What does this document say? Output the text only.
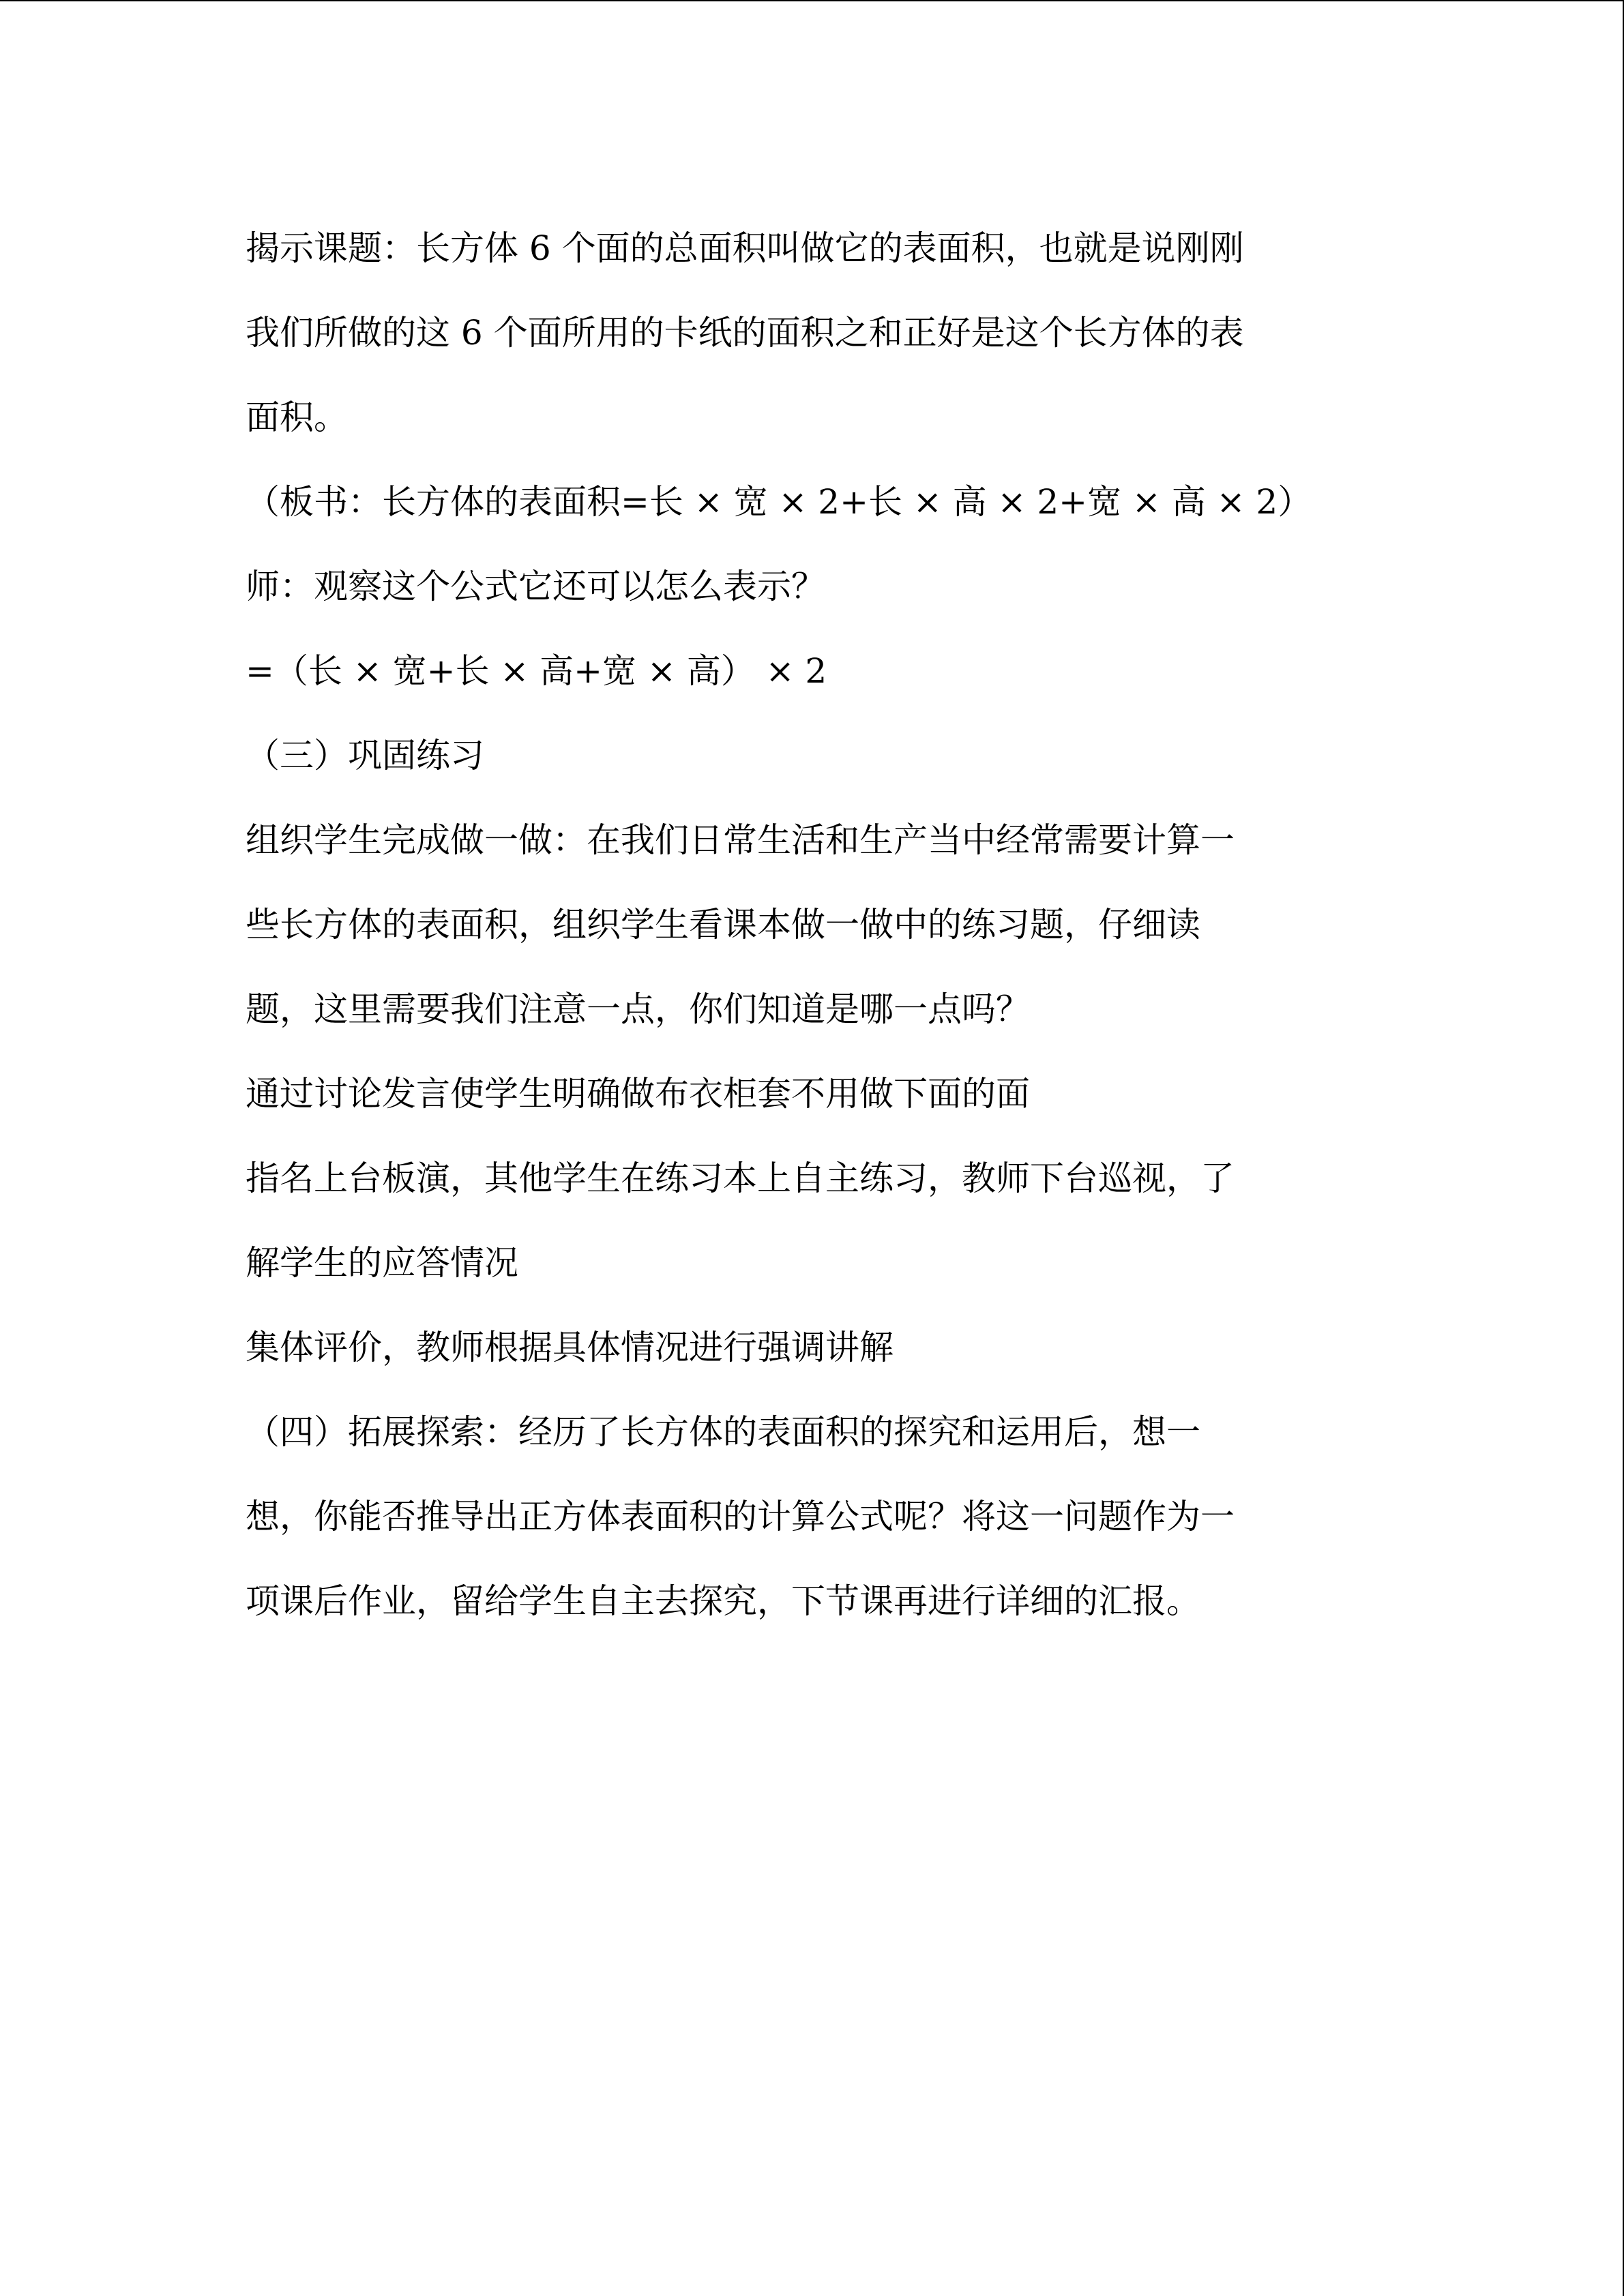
揭示课题：长方体 6 个面的总面积叫做它的表面积，也就是说刚刚
我们所做的这 6 个面所用的卡纸的面积之和正好是这个长方体的表
面积。
（板书：长方体的表面积=长 × 宽 × 2+长 × 高 × 2+宽 × 高 × 2）
师：观察这个公式它还可以怎么表示？
=（长 × 宽+长 × 高+宽 × 高） × 2
（三）巩固练习
组织学生完成做一做：在我们日常生活和生产当中经常需要计算一
些长方体的表面积，组织学生看课本做一做中的练习题，仔细读
题，这里需要我们注意一点，你们知道是哪一点吗？
通过讨论发言使学生明确做布衣柜套不用做下面的面
指名上台板演，其他学生在练习本上自主练习，教师下台巡视，了
解学生的应答情况
集体评价，教师根据具体情况进行强调讲解
（四）拓展探索：经历了长方体的表面积的探究和运用后，想一
想，你能否推导出正方体表面积的计算公式呢？将这一问题作为一
项课后作业，留给学生自主去探究，下节课再进行详细的汇报。
